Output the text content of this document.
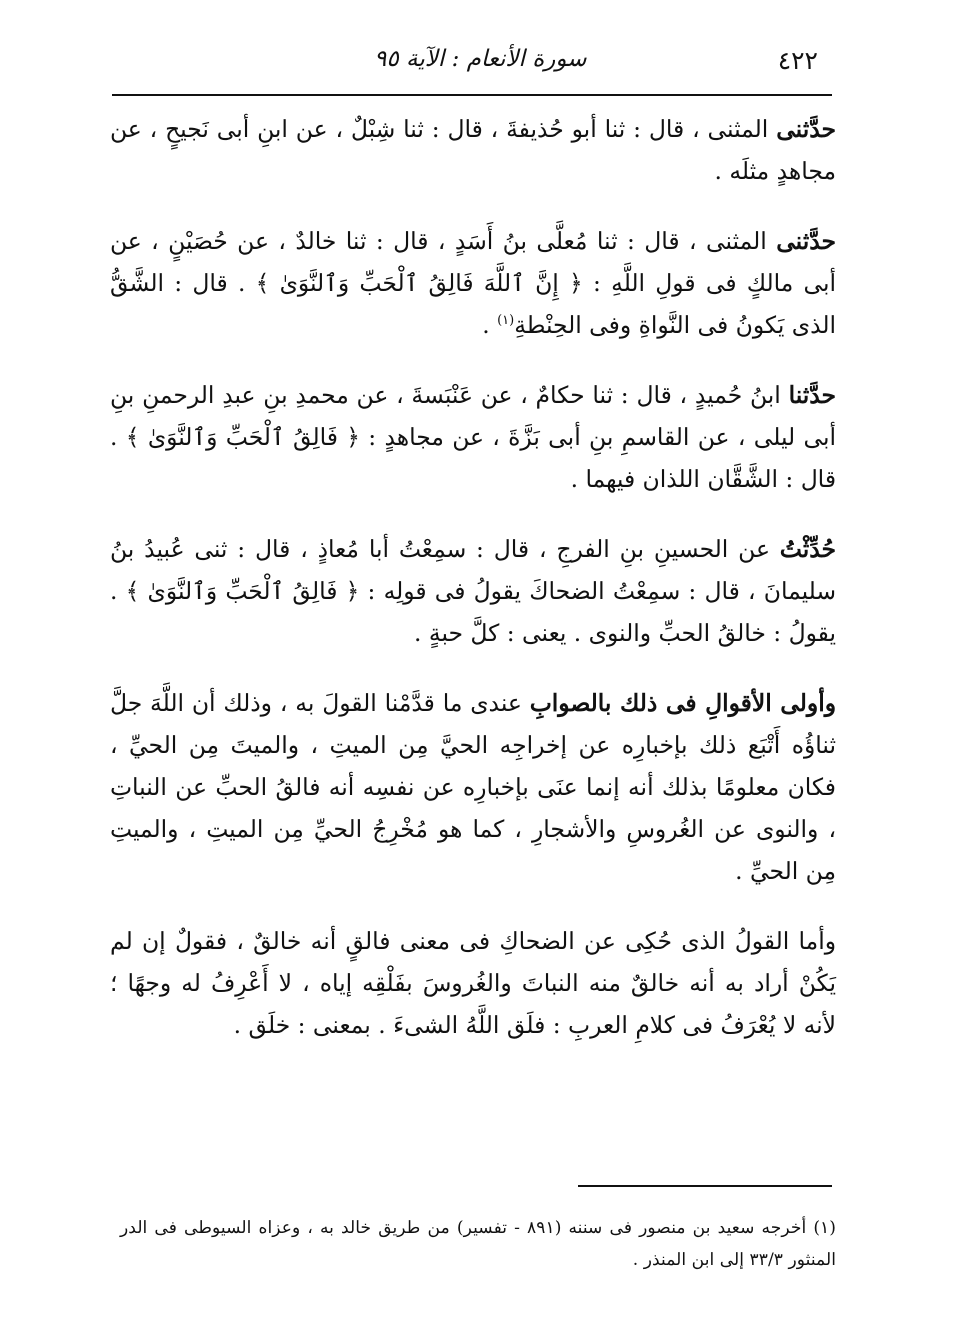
٤٢٢
سورة الأنعام : الآية ٩٥

حدَّثنى المثنى ، قال : ثنا أبو حُذيفةَ ، قال : ثنا شِبْلٌ ، عن ابنِ أبى نَجيحٍ ، عن مجاهدٍ مثلَه .

حدَّثنى المثنى ، قال : ثنا مُعلَّى بنُ أَسَدٍ ، قال : ثنا خالدٌ ، عن حُصَيْنٍ ، عن أبى مالكٍ فى قولِ اللَّهِ : ﴿ إِنَّ ٱللَّهَ فَالِقُ ٱلْحَبِّ وَٱلنَّوَىٰ ﴾ . قال : الشَّقُّ الذى يَكونُ فى النَّواةِ وفى الحِنْطةِ$^{(١)}$ .

حدَّثنا ابنُ حُميدٍ ، قال : ثنا حكامٌ ، عن عَنْبَسةَ ، عن محمدِ بنِ عبدِ الرحمنِ بنِ أبى ليلى ، عن القاسمِ بنِ أبى بَزَّةَ ، عن مجاهدٍ : ﴿ فَالِقُ ٱلْحَبِّ وَٱلنَّوَىٰ ﴾ . قال : الشَّقَّان اللذان فيهما .

حُدِّثْتُ عن الحسينِ بنِ الفرجِ ، قال : سمِعْتُ أبا مُعاذٍ ، قال : ثنى عُبيدُ بنُ سليمانَ ، قال : سمِعْتُ الضحاكَ يقولُ فى قولِه : ﴿ فَالِقُ ٱلْحَبِّ وَٱلنَّوَىٰ ﴾ . يقولُ : خالقُ الحبِّ والنوى . يعنى : كلَّ حبةٍ .

وأولى الأقوالِ فى ذلك بالصوابِ عندى ما قدَّمْنا القولَ به ، وذلك أن اللَّهَ جلَّ ثناؤُه أَتْبَع ذلك بإخبارِه عن إخراجِه الحيَّ مِن الميتِ ، والميتَ مِن الحيِّ ، فكان معلومًا بذلك أنه إنما عنَى بإخبارِه عن نفسِه أنه فالقُ الحبِّ عن النباتِ ، والنوى عن الغُروسِ والأشجارِ ، كما هو مُخْرِجُ الحيِّ مِن الميتِ ، والميتِ مِن الحيِّ .

وأما القولُ الذى حُكِى عن الضحاكِ فى معنى فالقٍ أنه خالقٌ ، فقولٌ إن لم يَكُنْ أراد به أنه خالقٌ منه النباتَ والغُروسَ بفَلْقِه إياه ، لا أَعْرِفُ له وجهًا ؛ لأنه لا يُعْرَفُ فى كلامِ العربِ : فلَق اللَّهُ الشىءَ . بمعنى : خلَق .

(١) أخرجه سعيد بن منصور فى سننه (٨٩١ - تفسير) من طريق خالد به ، وعزاه السيوطى فى الدر المنثور ٣٣/٣ إلى ابن المنذر .
